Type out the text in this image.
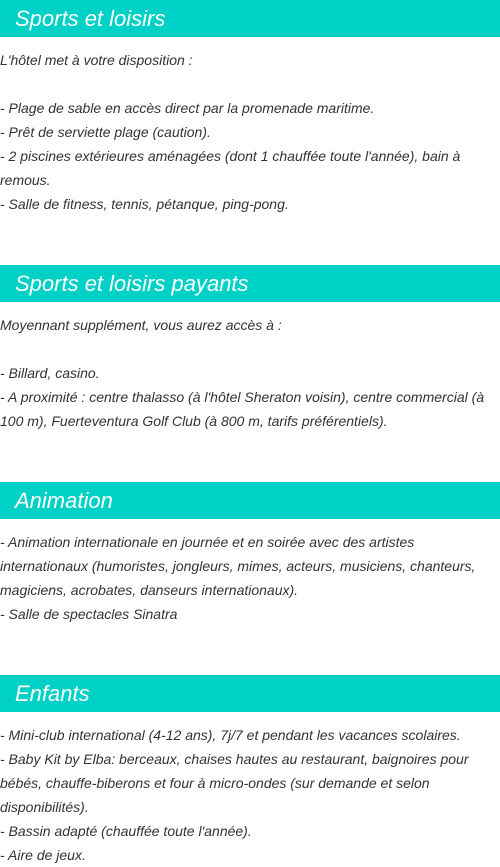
Sports et loisirs

L'hôtel met à votre disposition :

- Plage de sable en accès direct par la promenade maritime.

- Prêt de serviette plage (caution).

- 2 piscines extérieures aménagées (dont 1 chauffée toute l'année), bain à remous.

- Salle de fitness, tennis, pétanque, ping-pong.

Sports et loisirs payants

Moyennant supplément, vous aurez accès à :

- Billard, casino.

- A proximité : centre thalasso (à l'hôtel Sheraton voisin), centre commercial (à 100 m), Fuerteventura Golf Club (à 800 m, tarifs préférentiels).

Animation

- Animation internationale en journée et en soirée avec des artistes internationaux (humoristes, jongleurs, mimes, acteurs, musiciens, chanteurs, magiciens, acrobates, danseurs internationaux).

- Salle de spectacles Sinatra

Enfants

- Mini-club international (4-12 ans), 7j/7 et pendant les vacances scolaires.

- Baby Kit by Elba: berceaux, chaises hautes au restaurant, baignoires pour bébés, chauffe-biberons et four à micro-ondes (sur demande et selon disponibilités).

- Bassin adapté (chauffée toute l'année).

- Aire de jeux.
